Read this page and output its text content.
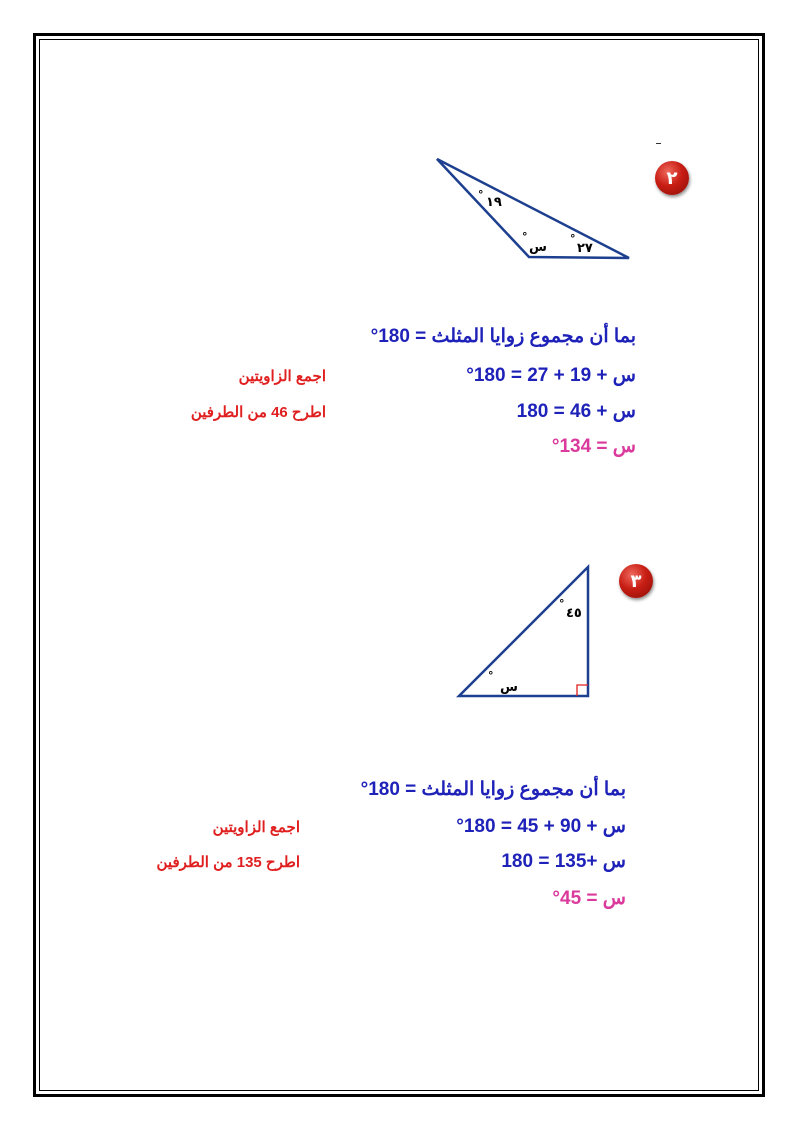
٢
°
١٩
°
س
°
٢٧
°
٤٥
°
س
بما أن مجموع زوايا المثلث = 180°
س + 19 + 27 = 180°
اجمع الزاويتين
س + 46 = 180
اطرح 46 من الطرفين
س = 134°
٣
بما أن مجموع زوايا المثلث = 180°
س + 90 + 45 = 180°
اجمع الزاويتين
س +135 = 180
اطرح 135 من الطرفين
س = 45°
